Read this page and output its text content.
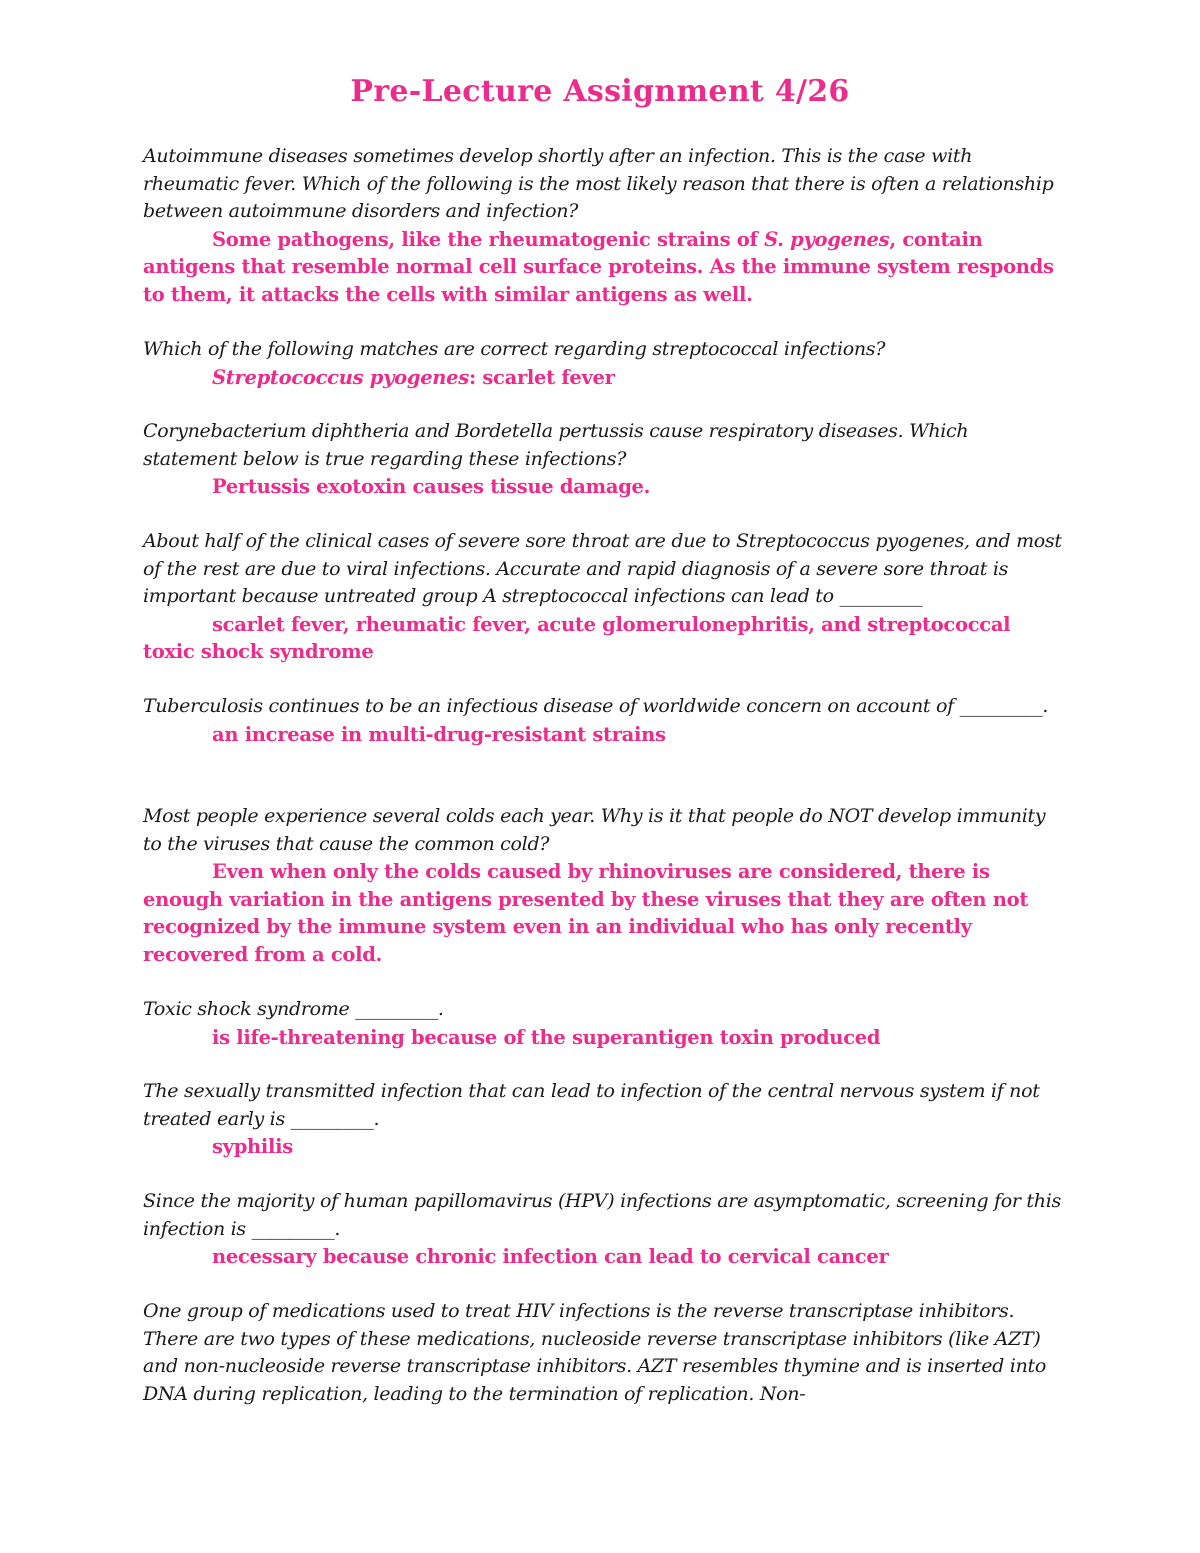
Pre-Lecture Assignment 4/26
Autoimmune diseases sometimes develop shortly after an infection. This is the case with rheumatic fever. Which of the following is the most likely reason that there is often a relationship between autoimmune disorders and infection?
Some pathogens, like the rheumatogenic strains of S. pyogenes, contain antigens that resemble normal cell surface proteins. As the immune system responds to them, it attacks the cells with similar antigens as well.
Which of the following matches are correct regarding streptococcal infections?
Streptococcus pyogenes: scarlet fever
Corynebacterium diphtheria and Bordetella pertussis cause respiratory diseases. Which statement below is true regarding these infections?
Pertussis exotoxin causes tissue damage.
About half of the clinical cases of severe sore throat are due to Streptococcus pyogenes, and most of the rest are due to viral infections. Accurate and rapid diagnosis of a severe sore throat is important because untreated group A streptococcal infections can lead to _________
scarlet fever, rheumatic fever, acute glomerulonephritis, and streptococcal toxic shock syndrome
Tuberculosis continues to be an infectious disease of worldwide concern on account of _________.
an increase in multi-drug-resistant strains
Most people experience several colds each year. Why is it that people do NOT develop immunity to the viruses that cause the common cold?
Even when only the colds caused by rhinoviruses are considered, there is enough variation in the antigens presented by these viruses that they are often not recognized by the immune system even in an individual who has only recently recovered from a cold.
Toxic shock syndrome _________.
is life-threatening because of the superantigen toxin produced
The sexually transmitted infection that can lead to infection of the central nervous system if not treated early is _________.
syphilis
Since the majority of human papillomavirus (HPV) infections are asymptomatic, screening for this infection is _________.
necessary because chronic infection can lead to cervical cancer
One group of medications used to treat HIV infections is the reverse transcriptase inhibitors. There are two types of these medications, nucleoside reverse transcriptase inhibitors (like AZT) and non-nucleoside reverse transcriptase inhibitors. AZT resembles thymine and is inserted into DNA during replication, leading to the termination of replication. Non-
